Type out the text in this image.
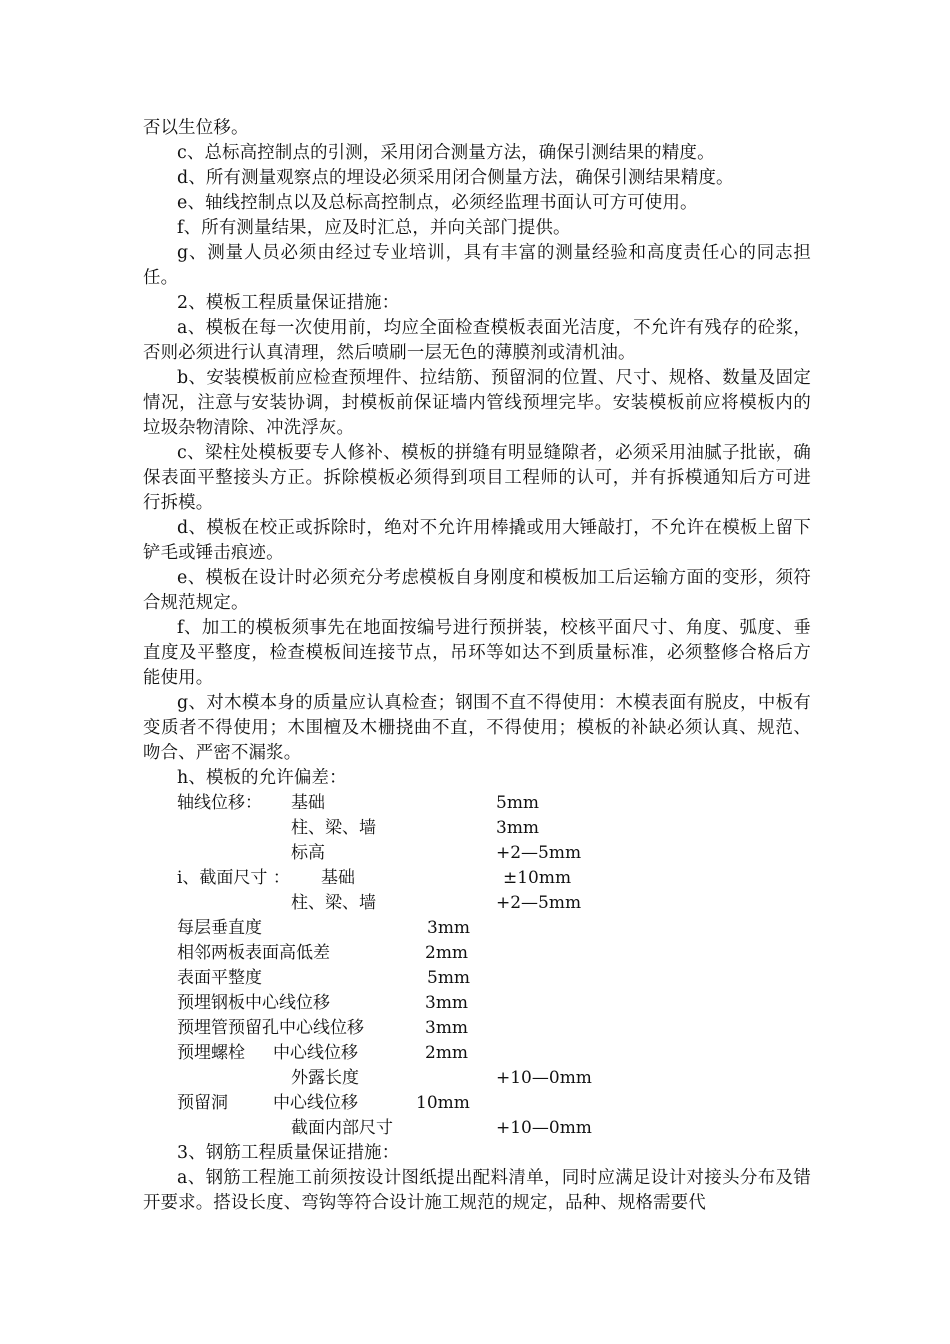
否以生位移。

c、总标高控制点的引测，采用闭合测量方法，确保引测结果的精度。

d、所有测量观察点的埋设必须采用闭合侧量方法，确保引测结果精度。

e、轴线控制点以及总标高控制点，必须经监理书面认可方可使用。

f、所有测量结果，应及时汇总，并向关部门提供。

g、测量人员必须由经过专业培训，具有丰富的测量经验和高度责任心的同志担任。

2、模板工程质量保证措施：

a、模板在每一次使用前，均应全面检查模板表面光洁度，不允许有残存的砼浆，否则必须进行认真清理，然后喷刷一层无色的薄膜剂或清机油。

b、安装模板前应检查预埋件、拉结筋、预留洞的位置、尺寸、规格、数量及固定情况，注意与安装协调，封模板前保证墙内管线预埋完毕。安装模板前应将模板内的垃圾杂物清除、冲洗浮灰。

c、梁柱处模板要专人修补、模板的拼缝有明显缝隙者，必须采用油腻子批嵌，确保表面平整接头方正。拆除模板必须得到项目工程师的认可，并有拆模通知后方可进行拆模。

d、模板在校正或拆除时，绝对不允许用棒撬或用大锤敲打，不允许在模板上留下铲毛或锤击痕迹。

e、模板在设计时必须充分考虑模板自身刚度和模板加工后运输方面的变形，须符合规范规定。

f、加工的模板须事先在地面按编号进行预拼装，校核平面尺寸、角度、弧度、垂直度及平整度，检查模板间连接节点，吊环等如达不到质量标准，必须整修合格后方能使用。

g、对木模本身的质量应认真检查；钢围不直不得使用：木模表面有脱皮，中板有变质者不得使用；木围檀及木栅挠曲不直，不得使用；模板的补缺必须认真、规范、吻合、严密不漏浆。

h、模板的允许偏差：

轴线位移： 基础	5mm
柱、梁、墙	3mm
标高	+2—5mm
i、截面尺寸 ： 基础	±10mm
柱、梁、墙	+2—5mm
每层垂直度	3mm
相邻两板表面高低差	2mm
表面平整度	5mm
预埋钢板中心线位移	3mm
预埋管预留孔中心线位移	3mm
预埋螺栓 中心线位移	2mm
外露长度	+10—0mm
预留洞	中心线位移	10mm
截面内部尺寸	+10—0mm

3、钢筋工程质量保证措施：

a、钢筋工程施工前须按设计图纸提出配料清单，同时应满足设计对接头分布及错开要求。搭设长度、弯钩等符合设计施工规范的规定，品种、规格需要代
